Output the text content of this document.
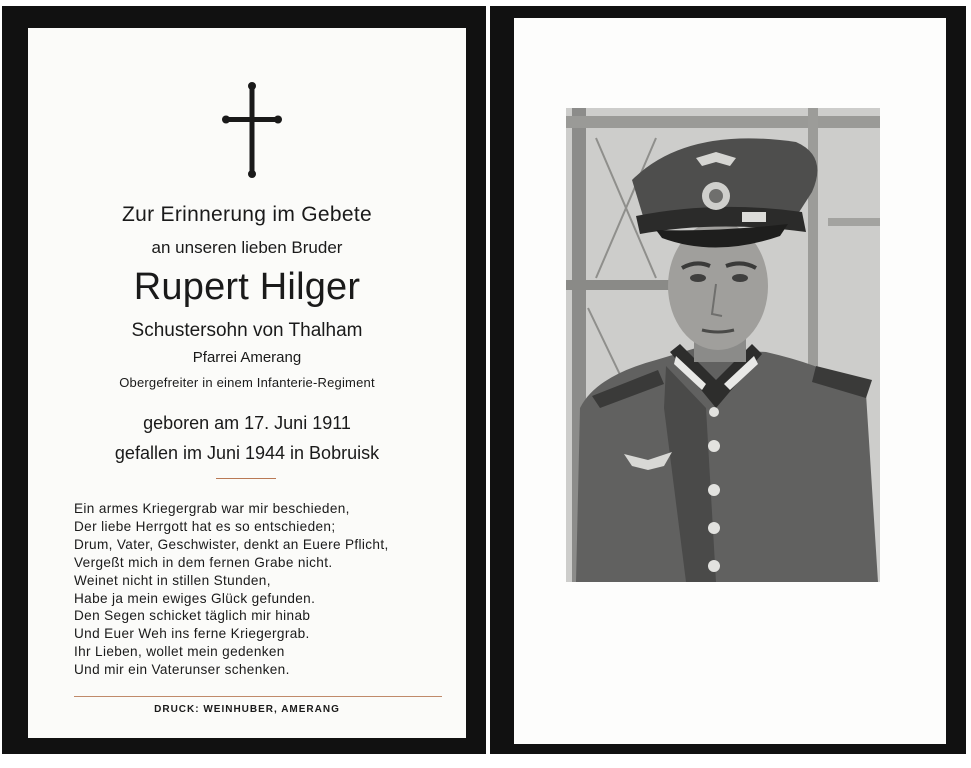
Zur Erinnerung im Gebete
an unseren lieben Bruder
Rupert Hilger
Schustersohn von Thalham
Pfarrei Amerang
Obergefreiter in einem Infanterie-Regiment
geboren am 17. Juni 1911
gefallen im Juni 1944 in Bobruisk
Ein armes Kriegergrab war mir beschieden,
Der liebe Herrgott hat es so entschieden;
Drum, Vater, Geschwister, denkt an Euere Pflicht,
Vergeßt mich in dem fernen Grabe nicht.
Weinet nicht in stillen Stunden,
Habe ja mein ewiges Glück gefunden.
Den Segen schicket täglich mir hinab
Und Euer Weh ins ferne Kriegergrab.
Ihr Lieben, wollet mein gedenken
Und mir ein Vaterunser schenken.
DRUCK: WEINHUBER, AMERANG
